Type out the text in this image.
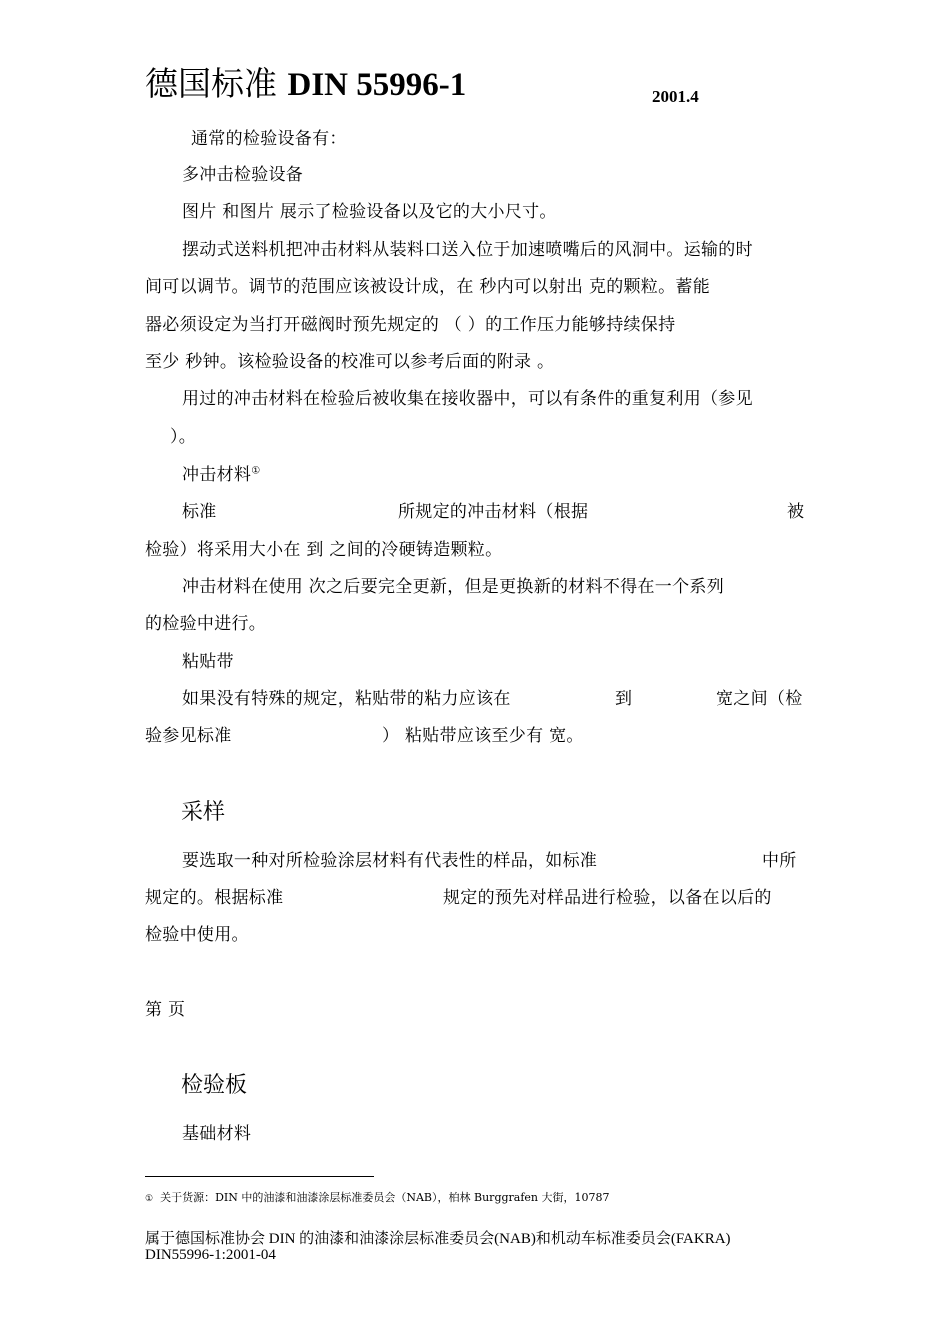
德国标准 DIN 55996-1	2001.4
通常的检验设备有：
多冲击检验设备
图片 和图片 展示了检验设备以及它的大小尺寸。
摆动式送料机把冲击材料从装料口送入位于加速喷嘴后的风洞中。运输的时
间可以调节。调节的范围应该被设计成，在 秒内可以射出 克的颗粒。蓄能
器必须设定为当打开磁阀时预先规定的 （ ）的工作压力能够持续保持
至少 秒钟。该检验设备的校准可以参考后面的附录 。
用过的冲击材料在检验后被收集在接收器中，可以有条件的重复利用（参见
）。
冲击材料①
标准	所规定的冲击材料（根据	被
检验）将采用大小在 到 之间的冷硬铸造颗粒。
冲击材料在使用 次之后要完全更新，但是更换新的材料不得在一个系列
的检验中进行。
粘贴带
如果没有特殊的规定，粘贴带的粘力应该在	到	宽之间（检
验参见标准	） 粘贴带应该至少有 宽。
采样
要选取一种对所检验涂层材料有代表性的样品，如标准	中所
规定的。根据标准	规定的预先对样品进行检验，以备在以后的
检验中使用。
第 页
检验板
基础材料
① 关于货源：DIN 中的油漆和油漆涂层标准委员会（NAB），柏林 Burggrafen 大街，10787
属于德国标准协会 DIN 的油漆和油漆涂层标准委员会(NAB)和机动车标准委员会(FAKRA)
DIN55996-1:2001-04
